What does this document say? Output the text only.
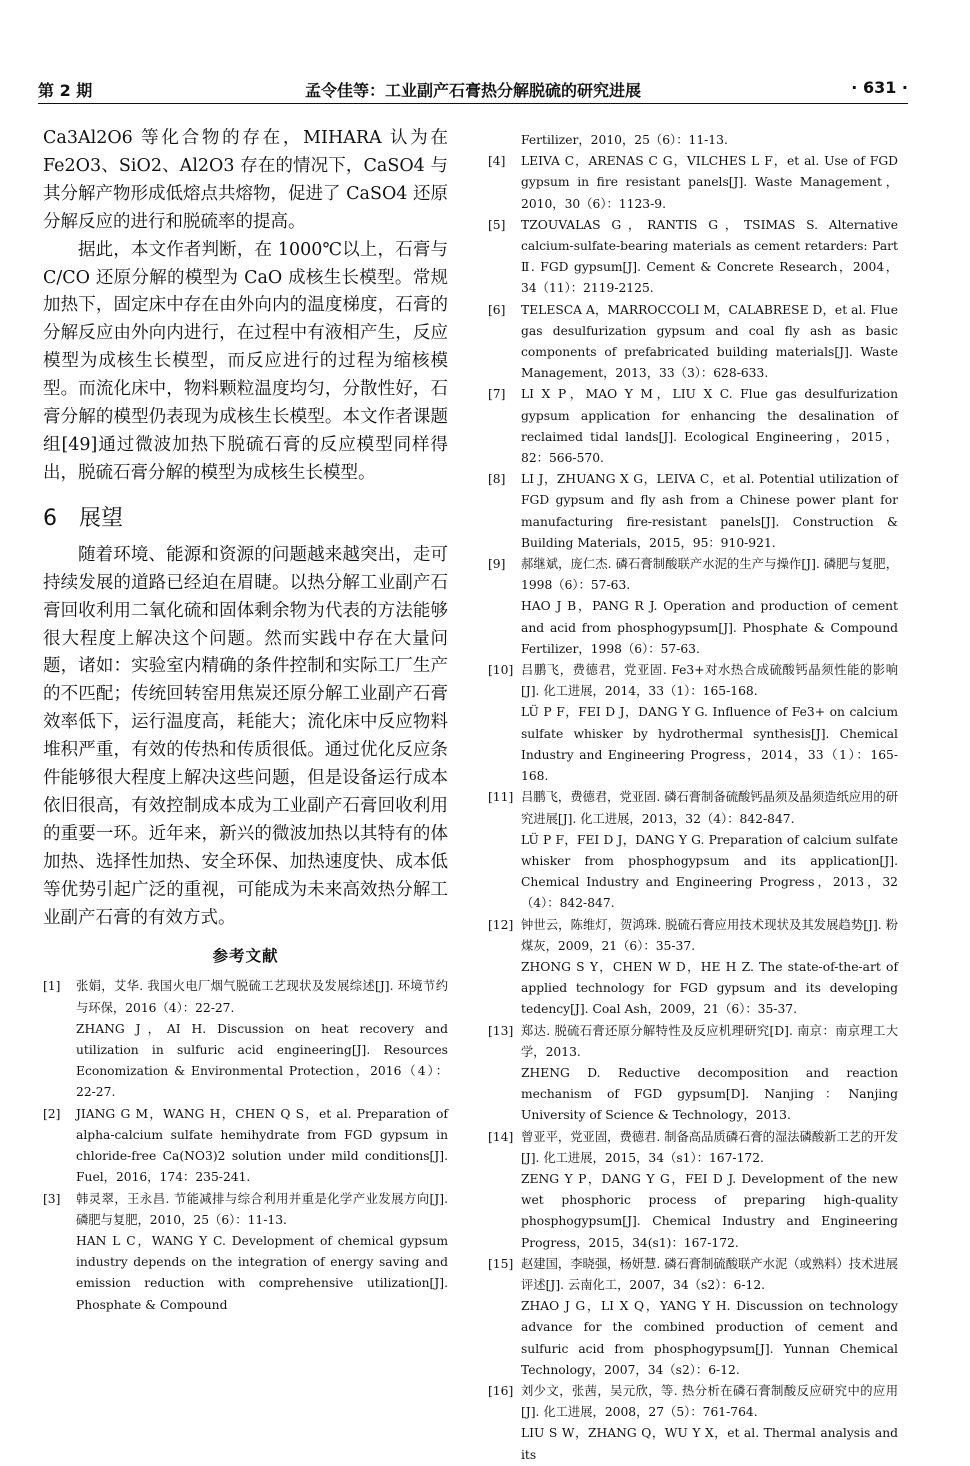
第 2 期	孟令佳等：工业副产石膏热分解脱硫的研究进展	· 631 ·

Ca3Al2O6 等化合物的存在，MIHARA 认为在 Fe2O3、SiO2、Al2O3 存在的情况下，CaSO4 与其分解产物形成低熔点共熔物，促进了 CaSO4 还原分解反应的进行和脱硫率的提高。

据此，本文作者判断，在 1000℃以上，石膏与 C/CO 还原分解的模型为 CaO 成核生长模型。常规加热下，固定床中存在由外向内的温度梯度，石膏的分解反应由外向内进行，在过程中有液相产生，反应模型为成核生长模型，而反应进行的过程为缩核模型。而流化床中，物料颗粒温度均匀，分散性好，石膏分解的模型仍表现为成核生长模型。本文作者课题组[49]通过微波加热下脱硫石膏的反应模型同样得出，脱硫石膏分解的模型为成核生长模型。

6 展望

随着环境、能源和资源的问题越来越突出，走可持续发展的道路已经迫在眉睫。以热分解工业副产石膏回收利用二氧化硫和固体剩余物为代表的方法能够很大程度上解决这个问题。然而实践中存在大量问题，诸如：实验室内精确的条件控制和实际工厂生产的不匹配；传统回转窑用焦炭还原分解工业副产石膏效率低下，运行温度高，耗能大；流化床中反应物料堆积严重，有效的传热和传质很低。通过优化反应条件能够很大程度上解决这些问题，但是设备运行成本依旧很高，有效控制成本成为工业副产石膏回收利用的重要一环。近年来，新兴的微波加热以其特有的体加热、选择性加热、安全环保、加热速度快、成本低等优势引起广泛的重视，可能成为未来高效热分解工业副产石膏的有效方式。

参考文献

[1] 张娟，艾华. 我国火电厂烟气脱硫工艺现状及发展综述[J]. 环境节约与环保，2016（4）：22-27.
ZHANG J，AI H. Discussion on heat recovery and utilization in sulfuric acid engineering[J]. Resources Economization & Environmental Protection，2016（4）：22-27.

[2] JIANG G M，WANG H，CHEN Q S，et al. Preparation of alpha-calcium sulfate hemihydrate from FGD gypsum in chloride-free Ca(NO3)2 solution under mild conditions[J]. Fuel，2016，174：235-241.

[3] 韩灵翠，王永昌. 节能减排与综合利用并重是化学产业发展方向[J]. 磷肥与复肥，2010，25（6）：11-13.
HAN L C，WANG Y C. Development of chemical gypsum industry depends on the integration of energy saving and emission reduction with comprehensive utilization[J]. Phosphate & Compound

Fertilizer，2010，25（6）：11-13.

[4] LEIVA C，ARENAS C G，VILCHES L F，et al. Use of FGD gypsum in fire resistant panels[J]. Waste Management，2010，30（6）：1123-9.

[5] TZOUVALAS G，RANTIS G，TSIMAS S. Alternative calcium-sulfate-bearing materials as cement retarders: Part Ⅱ. FGD gypsum[J]. Cement & Concrete Research，2004，34（11）：2119-2125.

[6] TELESCA A，MARROCCOLI M，CALABRESE D，et al. Flue gas desulfurization gypsum and coal fly ash as basic components of prefabricated building materials[J]. Waste Management，2013，33（3）：628-633.

[7] LI X P，MAO Y M，LIU X C. Flue gas desulfurization gypsum application for enhancing the desalination of reclaimed tidal lands[J]. Ecological Engineering，2015，82：566-570.

[8] LI J，ZHUANG X G，LEIVA C，et al. Potential utilization of FGD gypsum and fly ash from a Chinese power plant for manufacturing fire-resistant panels[J]. Construction & Building Materials，2015，95：910-921.

[9] 郝继斌，庞仁杰. 磷石膏制酸联产水泥的生产与操作[J]. 磷肥与复肥，1998（6）：57-63.
HAO J B，PANG R J. Operation and production of cement and acid from phosphogypsum[J]. Phosphate & Compound Fertilizer，1998（6）：57-63.

[10] 吕鹏飞，费德君，党亚固. Fe3+对水热合成硫酸钙晶须性能的影响[J]. 化工进展，2014，33（1）：165-168.
LÜ P F，FEI D J，DANG Y G. Influence of Fe3+ on calcium sulfate whisker by hydrothermal synthesis[J]. Chemical Industry and Engineering Progress，2014，33（1）：165-168.

[11] 吕鹏飞，费德君，党亚固. 磷石膏制备硫酸钙晶须及晶须造纸应用的研究进展[J]. 化工进展，2013，32（4）：842-847.
LÜ P F，FEI D J，DANG Y G. Preparation of calcium sulfate whisker from phosphogypsum and its application[J]. Chemical Industry and Engineering Progress，2013，32（4）：842-847.

[12] 钟世云，陈维灯，贺鸿珠. 脱硫石膏应用技术现状及其发展趋势[J]. 粉煤灰，2009，21（6）：35-37.
ZHONG S Y，CHEN W D，HE H Z. The state-of-the-art of applied technology for FGD gypsum and its developing tedency[J]. Coal Ash，2009，21（6）：35-37.

[13] 郑达. 脱硫石膏还原分解特性及反应机理研究[D]. 南京：南京理工大学，2013.
ZHENG D. Reductive decomposition and reaction mechanism of FGD gypsum[D]. Nanjing：Nanjing University of Science & Technology，2013.

[14] 曾亚平，党亚固，费德君. 制备高品质磷石膏的湿法磷酸新工艺的开发[J]. 化工进展，2015，34（s1）：167-172.
ZENG Y P，DANG Y G，FEI D J. Development of the new wet phosphoric process of preparing high-quality phosphogypsum[J]. Chemical Industry and Engineering Progress，2015，34(s1)：167-172.

[15] 赵建国，李晓强，杨妍慧. 磷石膏制硫酸联产水泥（或熟料）技术进展评述[J]. 云南化工，2007，34（s2）：6-12.
ZHAO J G，LI X Q，YANG Y H. Discussion on technology advance for the combined production of cement and sulfuric acid from phosphogypsum[J]. Yunnan Chemical Technology，2007，34（s2）：6-12.

[16] 刘少文，张茜，吴元欣，等. 热分析在磷石膏制酸反应研究中的应用[J]. 化工进展，2008，27（5）：761-764.
LIU S W，ZHANG Q，WU Y X，et al. Thermal analysis and its
